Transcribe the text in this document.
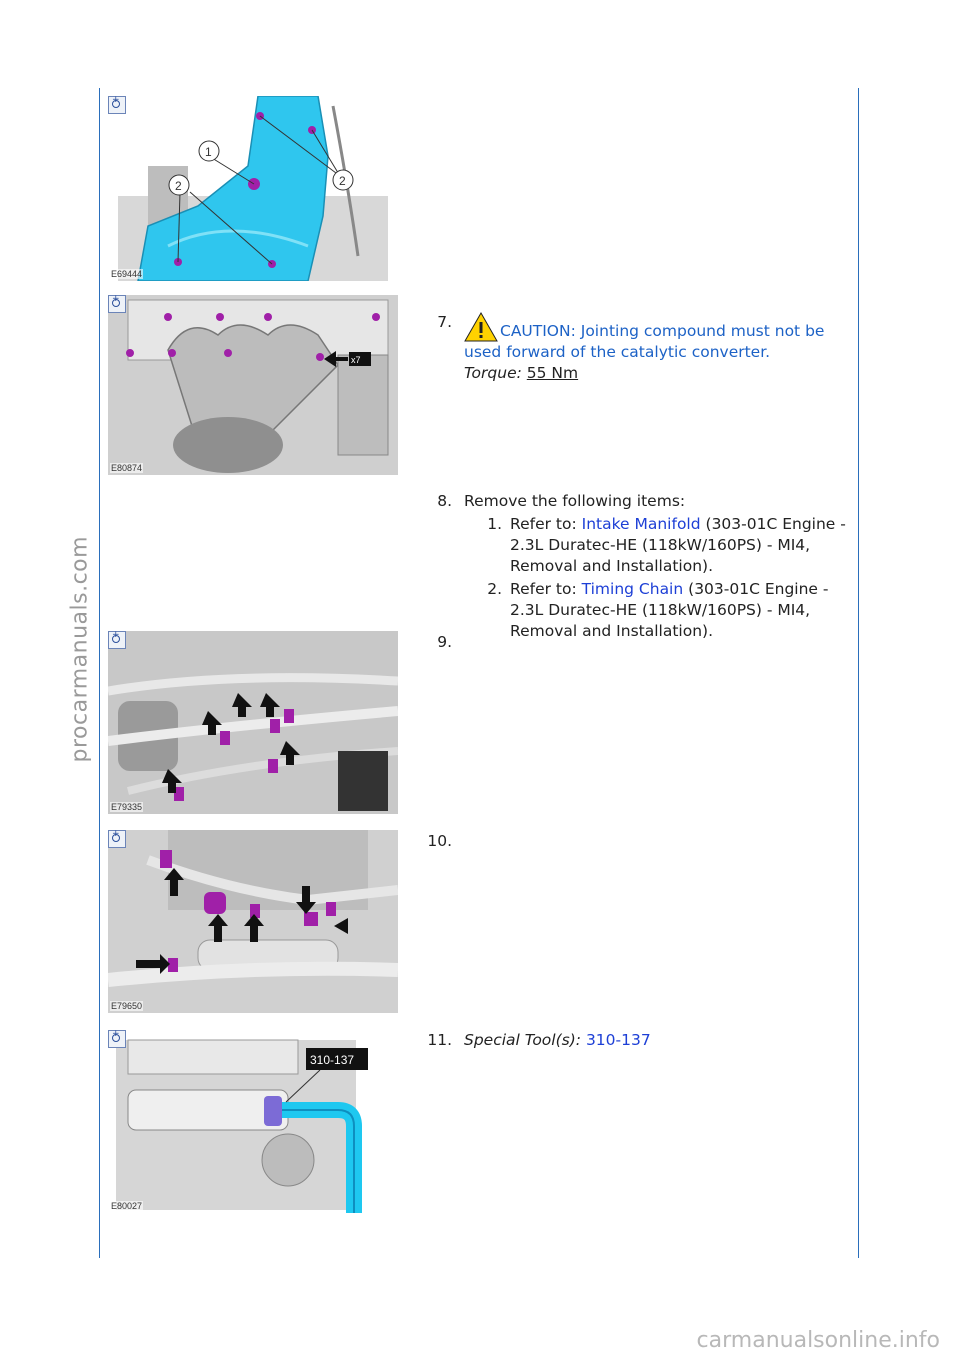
procarmanuals.com
carmanualsonline.info
+
1
2	2
E69444
+
x7
E80874
+
E79335
+
E79650
+
310-137
E80027
7.	CAUTION: Jointing compound must not be used forward of the catalytic converter.
Torque: 55 Nm
8. Remove the following items:
1. Refer to: Intake Manifold (303-01C Engine - 2.3L Duratec-HE (118kW/160PS) - MI4, Removal and Installation).
2. Refer to: Timing Chain (303-01C Engine - 2.3L Duratec-HE (118kW/160PS) - MI4, Removal and Installation).
9.
10.
11. Special Tool(s): 310-137
